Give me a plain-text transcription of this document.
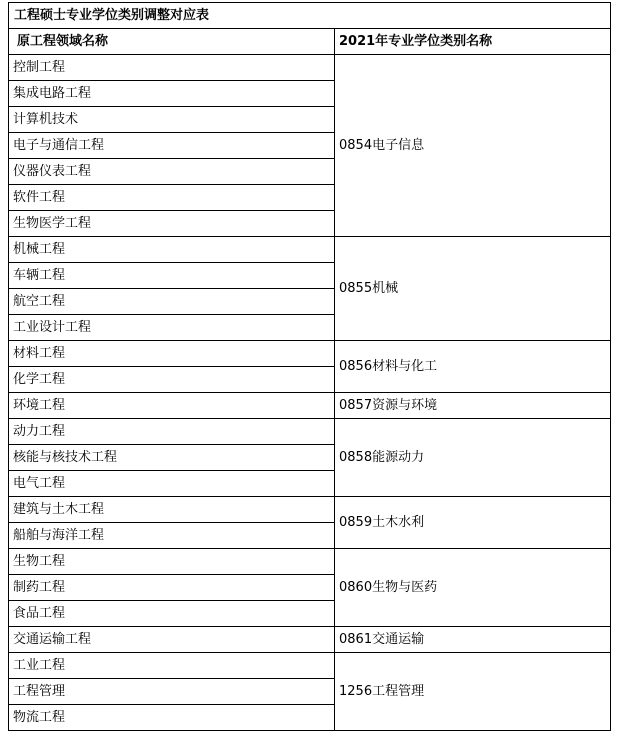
工程硕士专业学位类别调整对应表	
原工程领域名称	2021年专业学位类别名称
控制工程	0854电子信息
集成电路工程	
计算机技术	
电子与通信工程	
仪器仪表工程	
软件工程	
生物医学工程	
机械工程	0855机械
车辆工程	
航空工程	
工业设计工程	
材料工程	0856材料与化工
化学工程	
环境工程	0857资源与环境
动力工程	0858能源动力
核能与核技术工程	
电气工程	
建筑与土木工程	0859土木水利
船舶与海洋工程	
生物工程	0860生物与医药
制药工程	
食品工程	
交通运输工程	0861交通运输
工业工程	1256工程管理
工程管理	
物流工程	
